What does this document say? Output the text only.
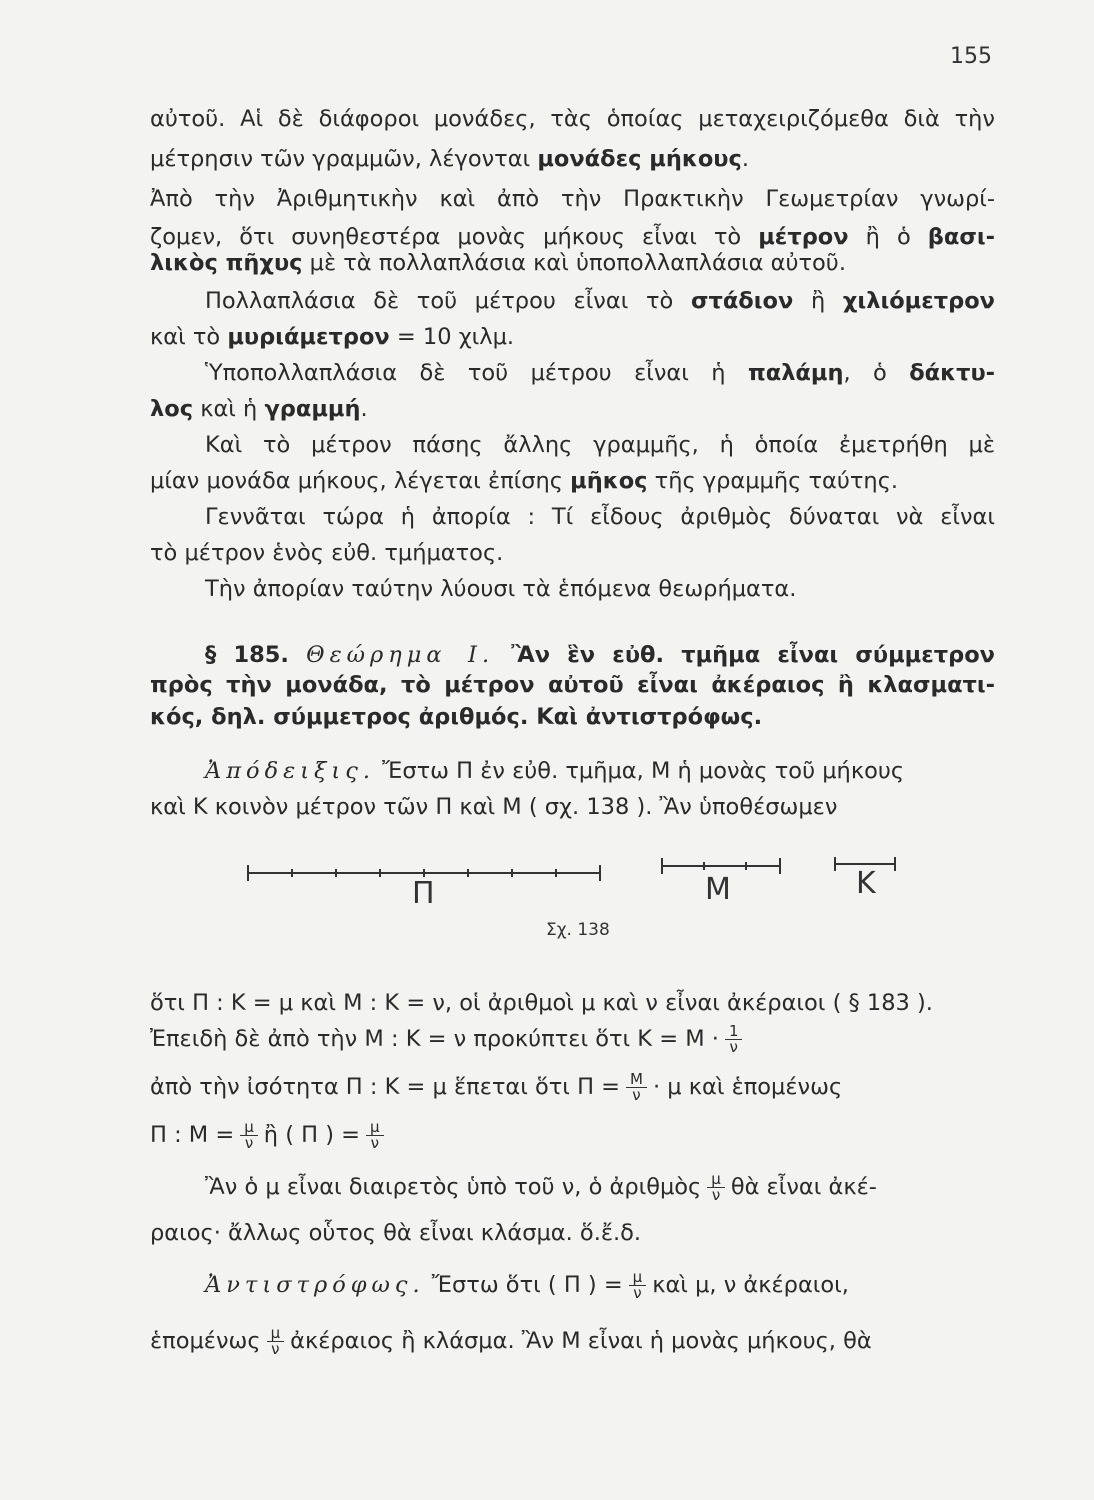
155
αὐτοῦ. Αἱ δὲ διάφοροι μονάδες, τὰς ὁποίας μεταχειριζόμεθα διὰ τὴν
μέτρησιν τῶν γραμμῶν, λέγονται μονάδες μήκους.
Ἀπὸ τὴν Ἀριθμητικὴν καὶ ἀπὸ τὴν Πρακτικὴν Γεωμετρίαν γνωρί-
ζομεν, ὅτι συνηθεστέρα μονὰς μήκους εἶναι τὸ μέτρον ἢ ὁ βασι-
λικὸς πῆχυς μὲ τὰ πολλαπλάσια καὶ ὑποπολλαπλάσια αὐτοῦ.
Πολλαπλάσια δὲ τοῦ μέτρου εἶναι τὸ στάδιον ἢ χιλιόμετρον
καὶ τὸ μυριάμετρον = 10 χιλμ.
Ὑποπολλαπλάσια δὲ τοῦ μέτρου εἶναι ἡ παλάμη, ὁ δάκτυ-
λος καὶ ἡ γραμμή.
Καὶ τὸ μέτρον πάσης ἄλλης γραμμῆς, ἡ ὁποία ἐμετρήθη μὲ
μίαν μονάδα μήκους, λέγεται ἐπίσης μῆκος τῆς γραμμῆς ταύτης.
Γεννᾶται τώρα ἡ ἀπορία : Τί εἶδους ἀριθμὸς δύναται νὰ εἶναι
τὸ μέτρον ἑνὸς εὐθ. τμήματος.
Τὴν ἀπορίαν ταύτην λύουσι τὰ ἑπόμενα θεωρήματα.
§ 185. Θεώρημα Ι. Ἂν ἓν εὐθ. τμῆμα εἶναι σύμμετρον
πρὸς τὴν μονάδα, τὸ μέτρον αὐτοῦ εἶναι ἀκέραιος ἢ κλασματι-
κός, δηλ. σύμμετρος ἀριθμός. Καὶ ἀντιστρόφως.
Ἀπόδειξις. Ἔστω Π ἐν εὐθ. τμῆμα, Μ ἡ μονὰς τοῦ μήκους
καὶ Κ κοινὸν μέτρον τῶν Π καὶ Μ ( σχ. 138 ). Ἂν ὑποθέσωμεν
Π	Μ	Κ
Σχ. 138
ὅτι Π : Κ = μ καὶ Μ : Κ = ν, οἱ ἀριθμοὶ μ καὶ ν εἶναι ἀκέραιοι ( § 183 ).
Ἐπειδὴ δὲ ἀπὸ τὴν Μ : Κ = ν προκύπτει ὅτι $K = M \cdot \frac{1}{\nu}$
ἀπὸ τὴν ἰσότητα Π : Κ = μ ἕπεται ὅτι $\Pi = \frac{M}{\nu} \cdot \mu$ καὶ ἑπομένως
Π : $M = \frac{\mu}{\nu}$ ἢ ( Π ) = $\frac{\mu}{\nu}$
Ἂν ὁ μ εἶναι διαιρετὸς ὑπὸ τοῦ ν, ὁ ἀριθμὸς $\frac{\mu}{\nu}$ θὰ εἶναι ἀκέ-
ραιος· ἄλλως οὗτος θὰ εἶναι κλάσμα. ὅ.ἔ.δ.
Ἀντιστρόφως. Ἔστω ὅτι ( Π ) = $\frac{\mu}{\nu}$ καὶ μ, ν ἀκέραιοι,
ἑπομένως $\frac{\mu}{\nu}$ ἀκέραιος ἢ κλάσμα. Ἂν Μ εἶναι ἡ μονὰς μήκους, θὰ
